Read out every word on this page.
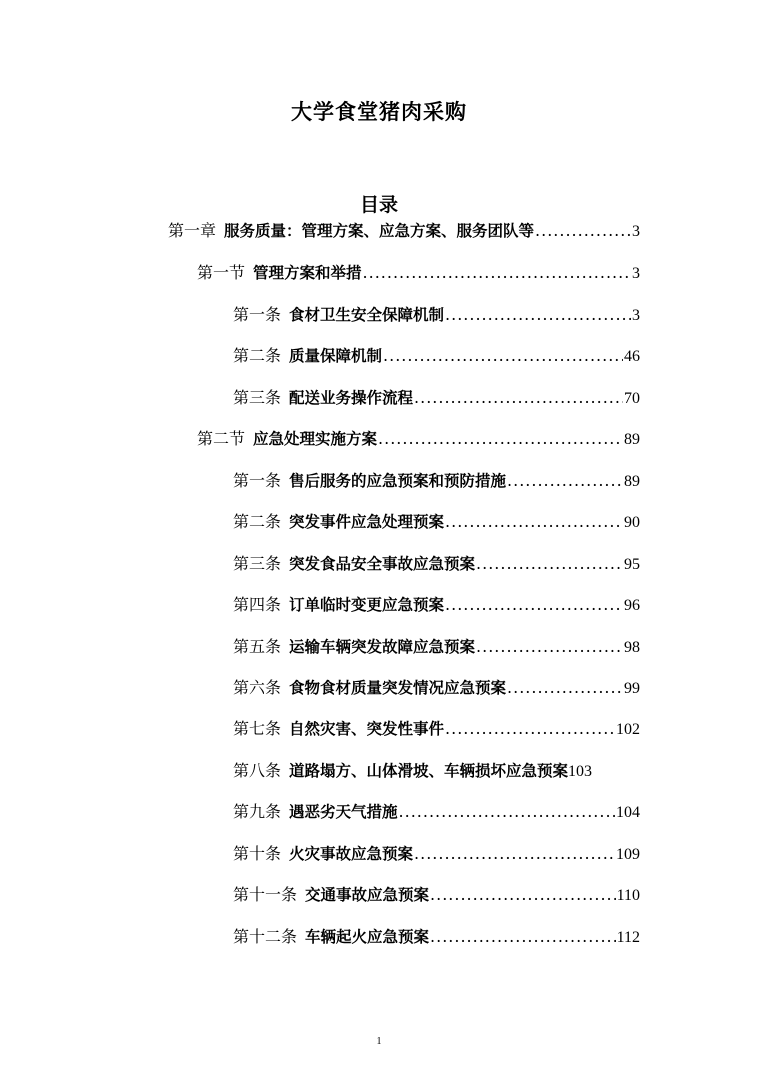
大学食堂猪肉采购
目录
第一章 服务质量：管理方案、应急方案、服务团队等 .....	3
第一节 管理方案和举措 .....	3
第一条 食材卫生安全保障机制 .....	3
第二条 质量保障机制 .....	46
第三条 配送业务操作流程 .....	70
第二节 应急处理实施方案 .....	89
第一条 售后服务的应急预案和预防措施 .....	89
第二条 突发事件应急处理预案 .....	90
第三条 突发食品安全事故应急预案 .....	95
第四条 订单临时变更应急预案 .....	96
第五条 运输车辆突发故障应急预案 .....	98
第六条 食物食材质量突发情况应急预案 .....	99
第七条 自然灾害、突发性事件 .....	102
第八条 道路塌方、山体滑坡、车辆损坏应急预案 103
第九条 遇恶劣天气措施 .....	104
第十条 火灾事故应急预案 .....	109
第十一条 交通事故应急预案 .....	110
第十二条 车辆起火应急预案 .....	112
1
